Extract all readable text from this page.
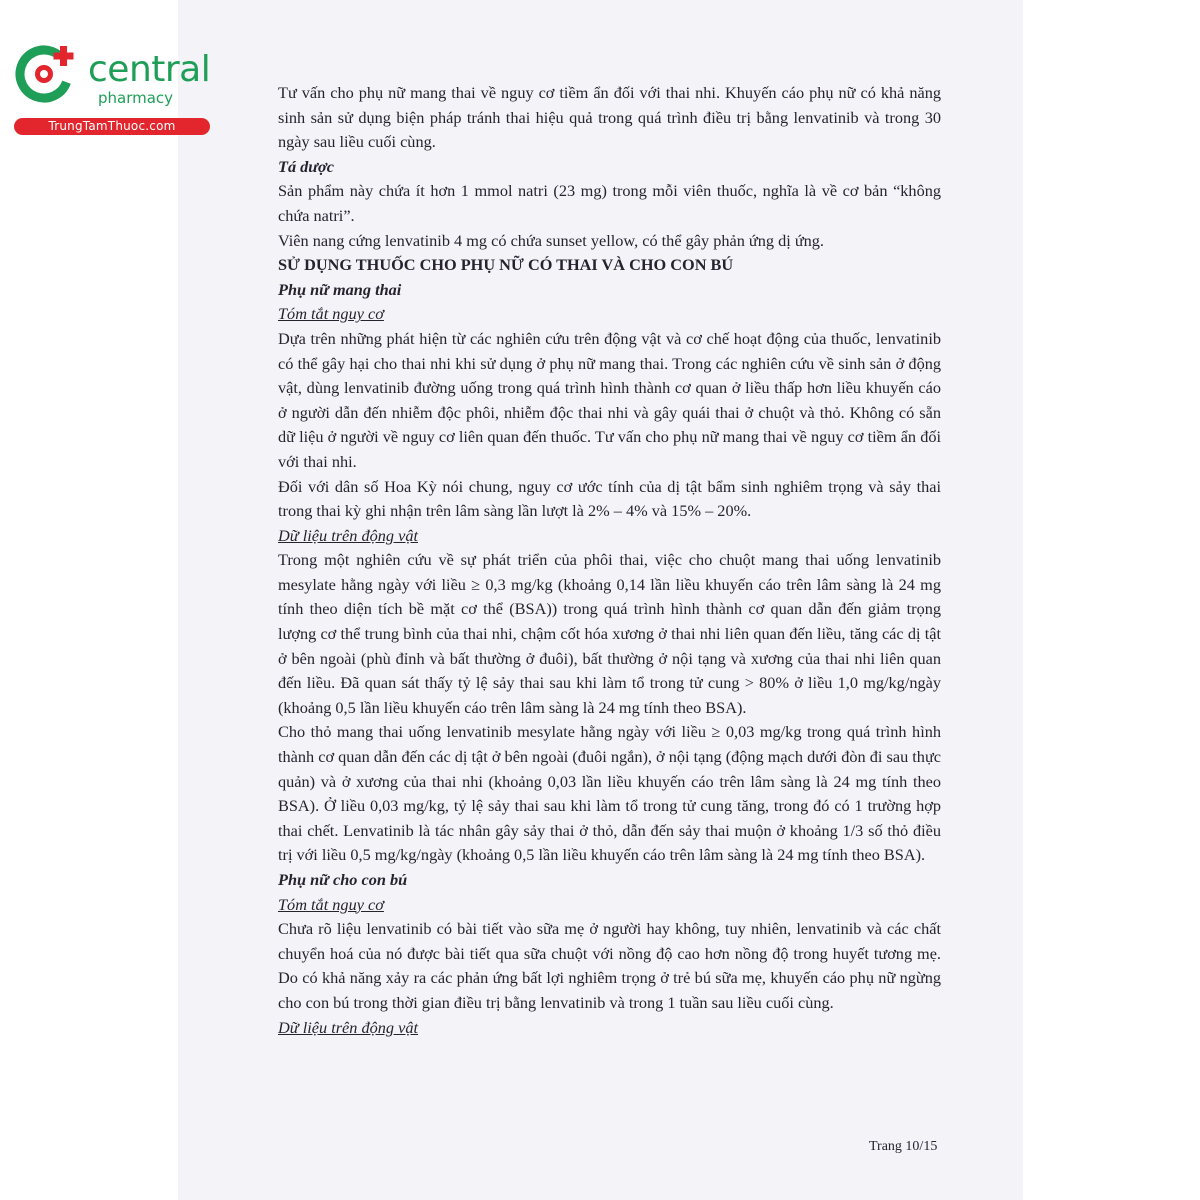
central
pharmacy
TrungTamThuoc.com

Tư vấn cho phụ nữ mang thai về nguy cơ tiềm ẩn đối với thai nhi. Khuyến cáo phụ nữ có khả năng sinh sản sử dụng biện pháp tránh thai hiệu quả trong quá trình điều trị bằng lenvatinib và trong 30 ngày sau liều cuối cùng.

Tá dược

Sản phẩm này chứa ít hơn 1 mmol natri (23 mg) trong mỗi viên thuốc, nghĩa là về cơ bản “không chứa natri”.

Viên nang cứng lenvatinib 4 mg có chứa sunset yellow, có thể gây phản ứng dị ứng.

SỬ DỤNG THUỐC CHO PHỤ NỮ CÓ THAI VÀ CHO CON BÚ

Phụ nữ mang thai

Tóm tắt nguy cơ

Dựa trên những phát hiện từ các nghiên cứu trên động vật và cơ chế hoạt động của thuốc, lenvatinib có thể gây hại cho thai nhi khi sử dụng ở phụ nữ mang thai. Trong các nghiên cứu về sinh sản ở động vật, dùng lenvatinib đường uống trong quá trình hình thành cơ quan ở liều thấp hơn liều khuyến cáo ở người dẫn đến nhiễm độc phôi, nhiễm độc thai nhi và gây quái thai ở chuột và thỏ. Không có sẵn dữ liệu ở người về nguy cơ liên quan đến thuốc. Tư vấn cho phụ nữ mang thai về nguy cơ tiềm ẩn đối với thai nhi.

Đối với dân số Hoa Kỳ nói chung, nguy cơ ước tính của dị tật bẩm sinh nghiêm trọng và sảy thai trong thai kỳ ghi nhận trên lâm sàng lần lượt là 2% – 4% và 15% – 20%.

Dữ liệu trên động vật

Trong một nghiên cứu về sự phát triển của phôi thai, việc cho chuột mang thai uống lenvatinib mesylate hằng ngày với liều ≥ 0,3 mg/kg (khoảng 0,14 lần liều khuyến cáo trên lâm sàng là 24 mg tính theo diện tích bề mặt cơ thể (BSA)) trong quá trình hình thành cơ quan dẫn đến giảm trọng lượng cơ thể trung bình của thai nhi, chậm cốt hóa xương ở thai nhi liên quan đến liều, tăng các dị tật ở bên ngoài (phù đỉnh và bất thường ở đuôi), bất thường ở nội tạng và xương của thai nhi liên quan đến liều. Đã quan sát thấy tỷ lệ sảy thai sau khi làm tổ trong tử cung > 80% ở liều 1,0 mg/kg/ngày (khoảng 0,5 lần liều khuyến cáo trên lâm sàng là 24 mg tính theo BSA).

Cho thỏ mang thai uống lenvatinib mesylate hằng ngày với liều ≥ 0,03 mg/kg trong quá trình hình thành cơ quan dẫn đến các dị tật ở bên ngoài (đuôi ngắn), ở nội tạng (động mạch dưới đòn đi sau thực quản) và ở xương của thai nhi (khoảng 0,03 lần liều khuyến cáo trên lâm sàng là 24 mg tính theo BSA). Ở liều 0,03 mg/kg, tỷ lệ sảy thai sau khi làm tổ trong tử cung tăng, trong đó có 1 trường hợp thai chết. Lenvatinib là tác nhân gây sảy thai ở thỏ, dẫn đến sảy thai muộn ở khoảng 1/3 số thỏ điều trị với liều 0,5 mg/kg/ngày (khoảng 0,5 lần liều khuyến cáo trên lâm sàng là 24 mg tính theo BSA).

Phụ nữ cho con bú

Tóm tắt nguy cơ

Chưa rõ liệu lenvatinib có bài tiết vào sữa mẹ ở người hay không, tuy nhiên, lenvatinib và các chất chuyển hoá của nó được bài tiết qua sữa chuột với nồng độ cao hơn nồng độ trong huyết tương mẹ. Do có khả năng xảy ra các phản ứng bất lợi nghiêm trọng ở trẻ bú sữa mẹ, khuyến cáo phụ nữ ngừng cho con bú trong thời gian điều trị bằng lenvatinib và trong 1 tuần sau liều cuối cùng.

Dữ liệu trên động vật

Trang 10/15
